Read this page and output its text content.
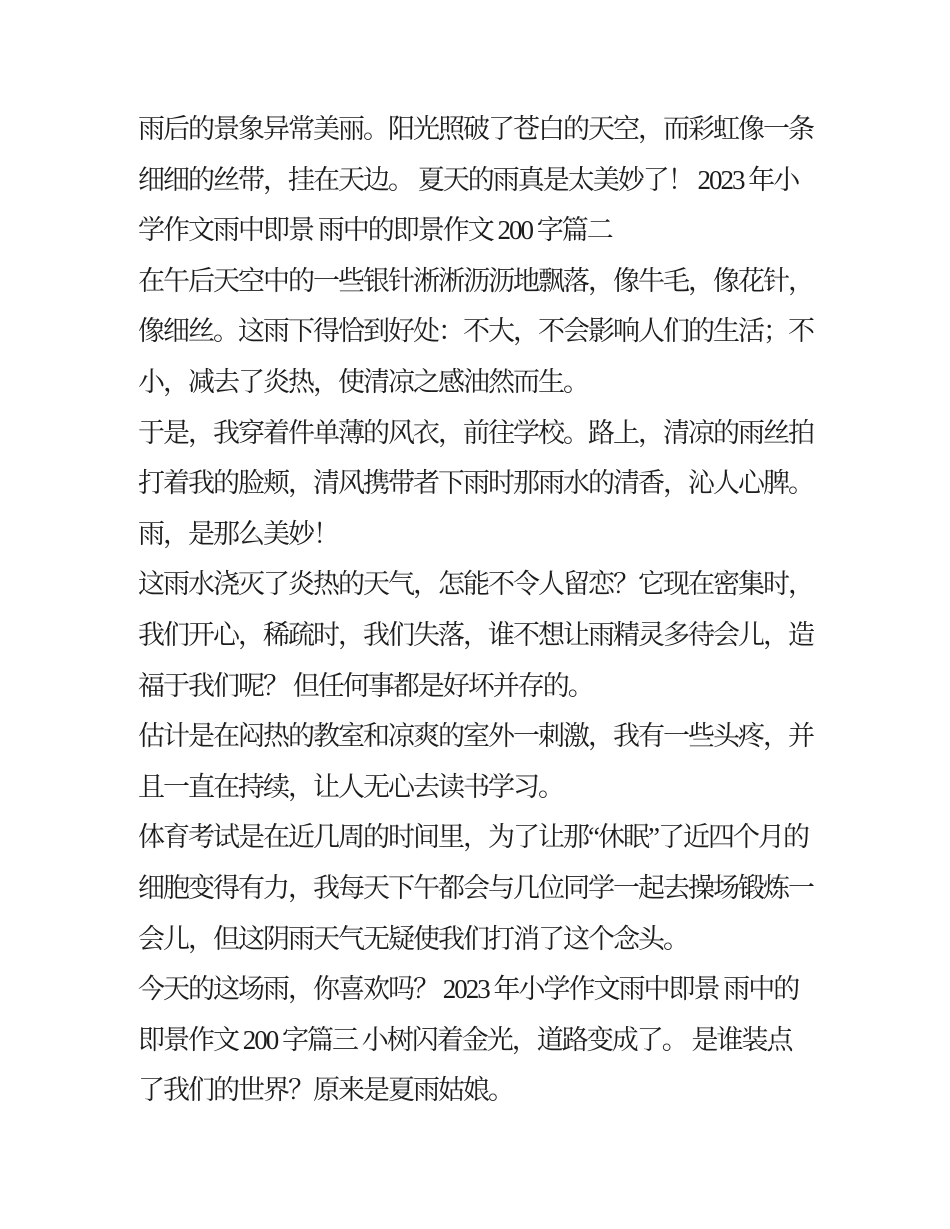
雨后的景象异常美丽。阳光照破了苍白的天空，而彩虹像一条
细细的丝带，挂在天边。 夏天的雨真是太美妙了！ 2023 年小
学作文雨中即景 雨中的即景作文 200 字篇二
在午后天空中的一些银针淅淅沥沥地飘落，像牛毛，像花针，
像细丝。这雨下得恰到好处：不大，不会影响人们的生活；不
小，减去了炎热，使清凉之感油然而生。
于是，我穿着件单薄的风衣，前往学校。路上，清凉的雨丝拍
打着我的脸颊，清风携带者下雨时那雨水的清香，沁人心脾。
雨，是那么美妙！
这雨水浇灭了炎热的天气，怎能不令人留恋？它现在密集时，
我们开心，稀疏时，我们失落，谁不想让雨精灵多待会儿，造
福于我们呢？ 但任何事都是好坏并存的。
估计是在闷热的教室和凉爽的室外一刺激，我有一些头疼，并
且一直在持续，让人无心去读书学习。
体育考试是在近几周的时间里，为了让那“休眠”了近四个月的
细胞变得有力，我每天下午都会与几位同学一起去操场锻炼一
会儿，但这阴雨天气无疑使我们打消了这个念头。
今天的这场雨，你喜欢吗？ 2023 年小学作文雨中即景 雨中的
即景作文 200 字篇三 小树闪着金光，道路变成了。 是谁装点
了我们的世界？原来是夏雨姑娘。
